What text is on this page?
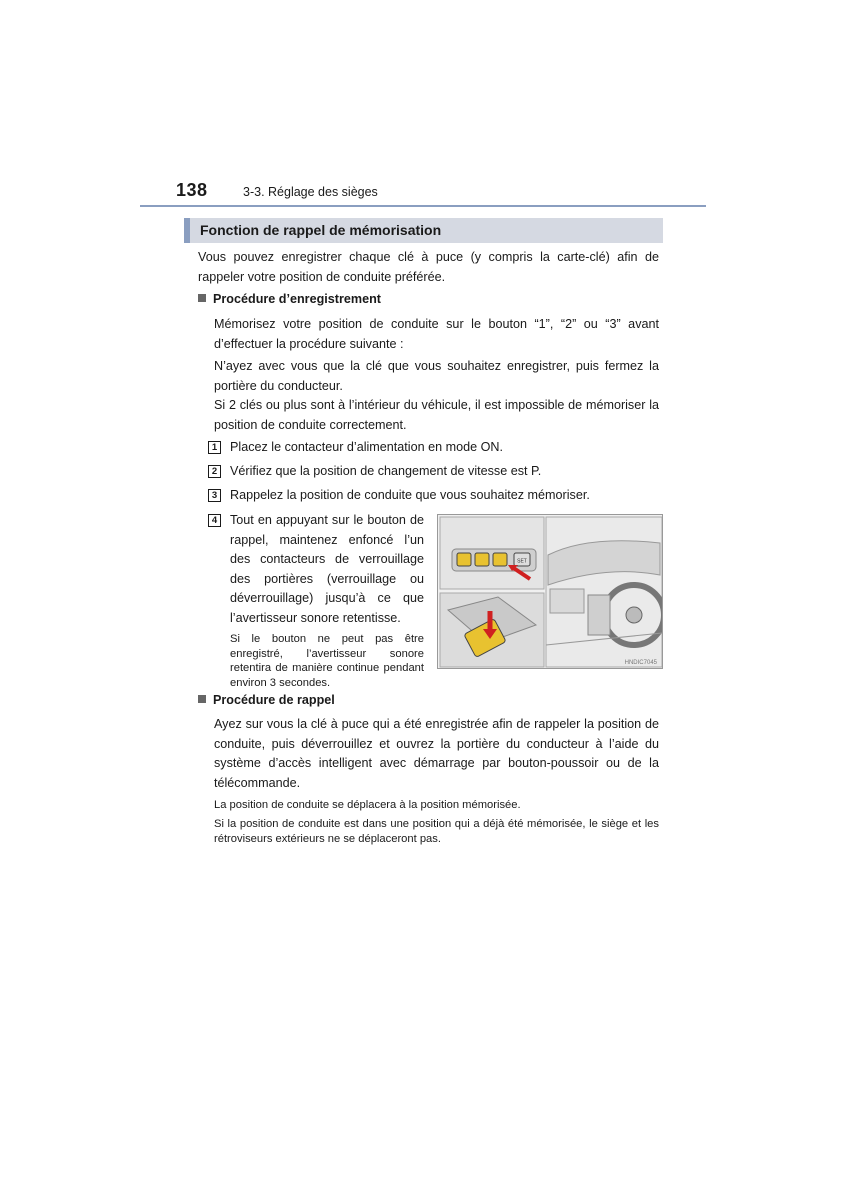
138	3-3. Réglage des sièges
Fonction de rappel de mémorisation
Vous pouvez enregistrer chaque clé à puce (y compris la carte-clé) afin de rappeler votre position de conduite préférée.
Procédure d’enregistrement
Mémorisez votre position de conduite sur le bouton “1”, “2” ou “3” avant d’effectuer la procédure suivante :
N’ayez avec vous que la clé que vous souhaitez enregistrer, puis fermez la portière du conducteur.
Si 2 clés ou plus sont à l’intérieur du véhicule, il est impossible de mémoriser la position de conduite correctement.
1	Placez le contacteur d’alimentation en mode ON.
2	Vérifiez que la position de changement de vitesse est P.
3	Rappelez la position de conduite que vous souhaitez mémoriser.
4	Tout en appuyant sur le bouton de rappel, maintenez enfoncé l’un des contacteurs de verrouillage des portières (verrouillage ou déverrouillage) jusqu’à ce que l’avertisseur sonore retentisse.
Si le bouton ne peut pas être enregistré, l’avertisseur sonore retentira de manière continue pendant environ 3 secondes.
SET
HNDIC7045
Procédure de rappel
Ayez sur vous la clé à puce qui a été enregistrée afin de rappeler la position de conduite, puis déverrouillez et ouvrez la portière du conducteur à l’aide du système d’accès intelligent avec démarrage par bouton-poussoir ou de la télécommande.
La position de conduite se déplacera à la position mémorisée.
Si la position de conduite est dans une position qui a déjà été mémorisée, le siège et les rétroviseurs extérieurs ne se déplaceront pas.
